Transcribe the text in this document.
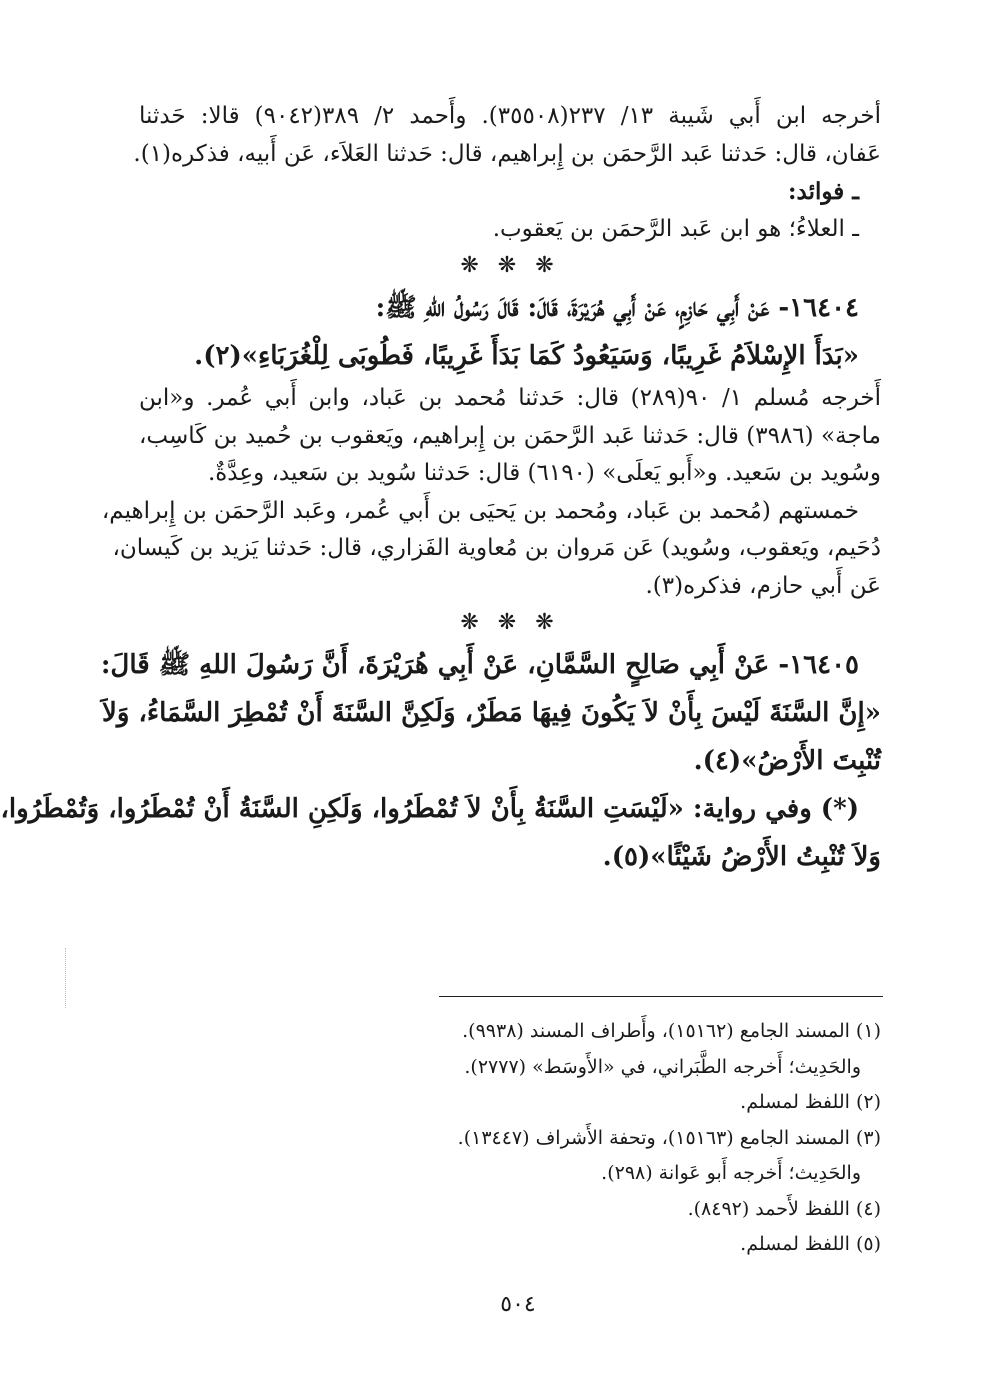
أخرجه ابن أَبي شَيبة ١٣/ ٢٣٧(٣٥٥٠٨). وأَحمد ٢/ ٣٨٩(٩٠٤٢) قالا: حَدثنا

عَفان، قال: حَدثنا عَبد الرَّحمَن بن إِبراهيم، قال: حَدثنا العَلاَء، عَن أَبيه، فذكره(١).

ـ فوائد:

ـ العلاءُ؛ هو ابن عَبد الرَّحمَن بن يَعقوب.

❋ ❋ ❋

١٦٤٠٤- عَنْ أَبِي حَازِمٍ، عَنْ أَبِي هُرَيْرَةَ، قَالَ: قَالَ رَسُولُ اللهِ ﷺ:

«بَدَأَ الإِسْلاَمُ غَرِيبًا، وَسَيَعُودُ كَمَا بَدَأَ غَرِيبًا، فَطُوبَى لِلْغُرَبَاءِ»(٢).

أَخرجه مُسلم ١/ ٩٠(٢٨٩) قال: حَدثنا مُحمد بن عَباد، وابن أَبي عُمر. و«ابن

ماجة» (٣٩٨٦) قال: حَدثنا عَبد الرَّحمَن بن إِبراهيم، ويَعقوب بن حُميد بن كَاسِب،

وسُويد بن سَعيد. و«أَبو يَعلَى» (٦١٩٠) قال: حَدثنا سُويد بن سَعيد، وعِدَّةٌ.

خمستهم (مُحمد بن عَباد، ومُحمد بن يَحيَى بن أَبي عُمر، وعَبد الرَّحمَن بن إِبراهيم،

دُحَيم، ويَعقوب، وسُويد) عَن مَروان بن مُعاوية الفَزاري، قال: حَدثنا يَزيد بن كَيسان،

عَن أَبي حازم، فذكره(٣).

❋ ❋ ❋

١٦٤٠٥- عَنْ أَبِي صَالِحٍ السَّمَّانِ، عَنْ أَبِي هُرَيْرَةَ، أَنَّ رَسُولَ اللهِ ﷺ قَالَ:

«إِنَّ السَّنَةَ لَيْسَ بِأَنْ لاَ يَكُونَ فِيهَا مَطَرٌ، وَلَكِنَّ السَّنَةَ أَنْ تُمْطِرَ السَّمَاءُ، وَلاَ

تُنْبِتَ الأَرْضُ»(٤).

(*) وفي رواية: «لَيْسَتِ السَّنَةُ بِأَنْ لاَ تُمْطَرُوا، وَلَكِنِ السَّنَةُ أَنْ تُمْطَرُوا، وَتُمْطَرُوا،

وَلاَ تُنْبِتُ الأَرْضُ شَيْئًا»(٥).

(١) المسند الجامع (١٥١٦٢)، وأَطراف المسند (٩٩٣٨).

والحَدِيث؛ أَخرجه الطَّبَراني، في «الأَوسَط» (٢٧٧٧).

(٢) اللفظ لمسلم.

(٣) المسند الجامع (١٥١٦٣)، وتحفة الأَشراف (١٣٤٤٧).

والحَدِيث؛ أَخرجه أَبو عَوانة (٢٩٨).

(٤) اللفظ لأَحمد (٨٤٩٢).

(٥) اللفظ لمسلم.

٥٠٤
